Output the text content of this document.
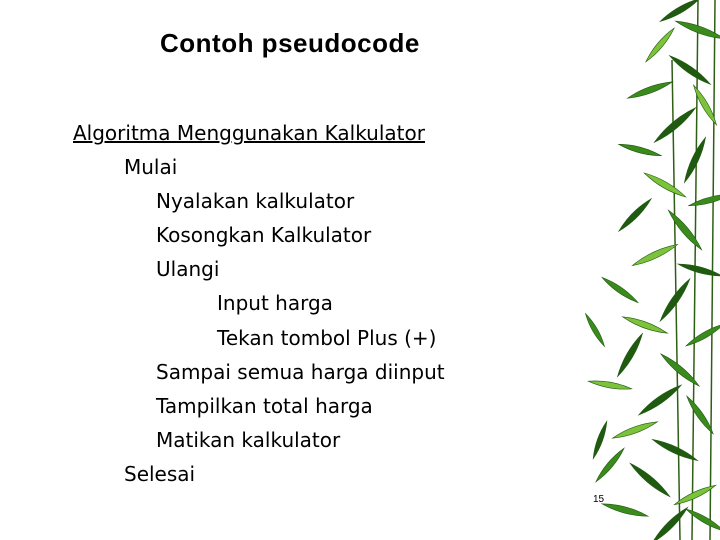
Contoh pseudocode
Algoritma Menggunakan Kalkulator
Mulai
Nyalakan kalkulator
Kosongkan Kalkulator
Ulangi
Input harga
Tekan tombol Plus (+)
Sampai semua harga diinput
Tampilkan total harga
Matikan kalkulator
Selesai
15
